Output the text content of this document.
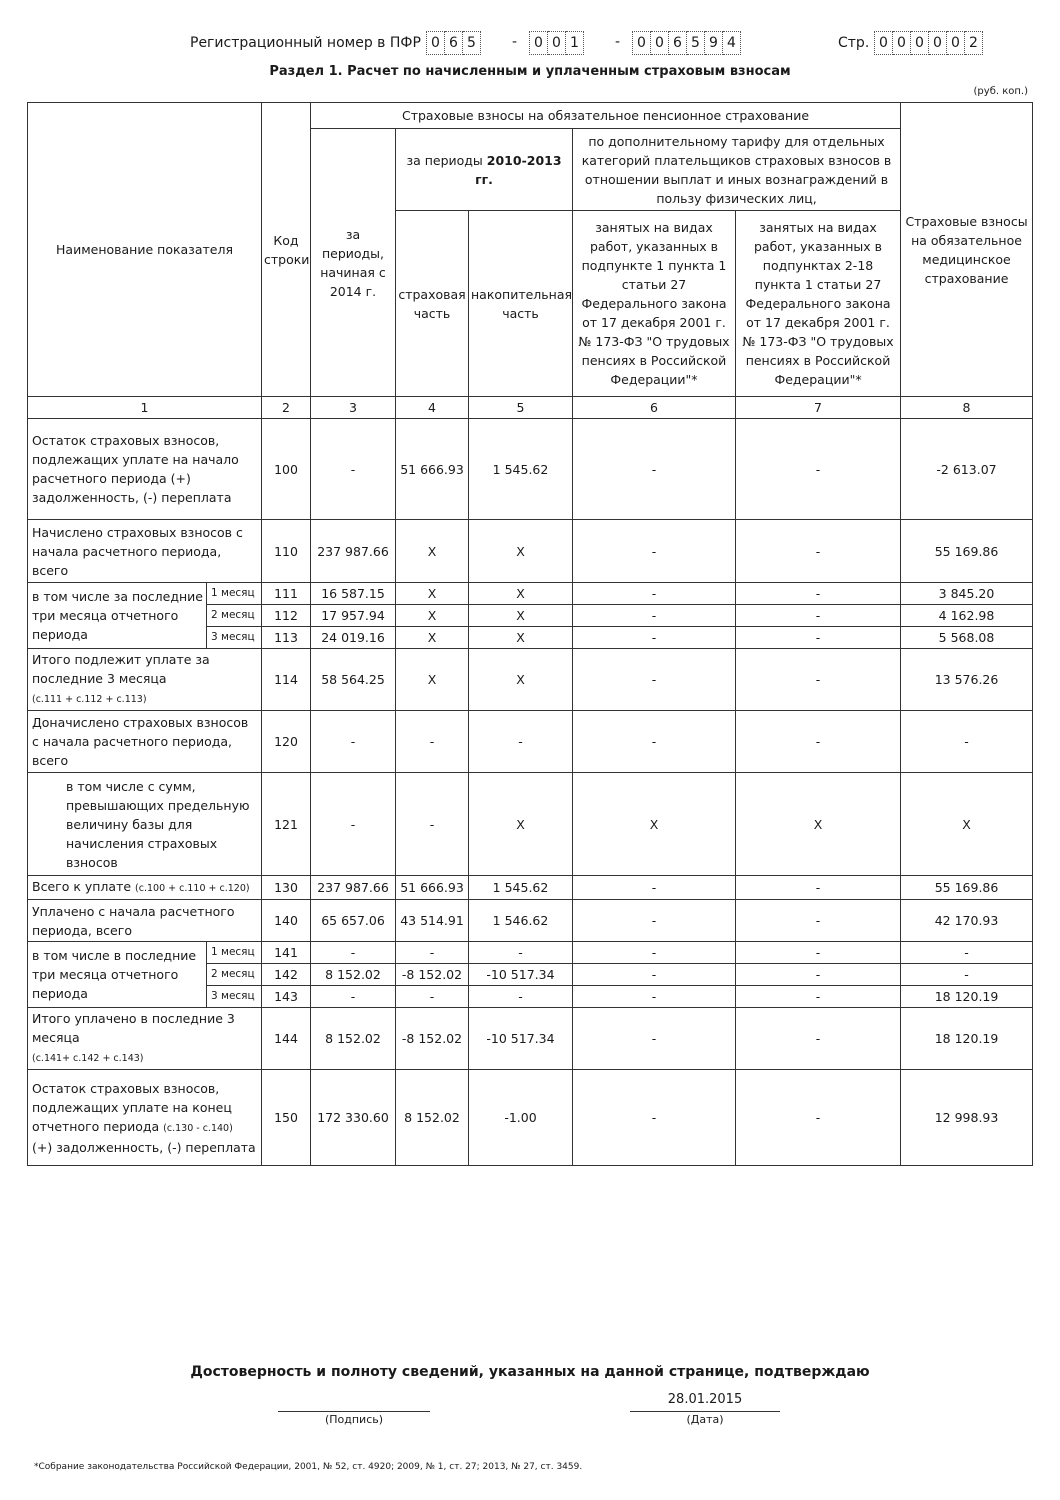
Регистрационный номер в ПФР 0 6 5	-	0 0 1	-	0 0 6 5 9 4	Стр. 0 0 0 0 0 2
Раздел 1. Расчет по начисленным и уплаченным страховым взносам
(руб. коп.)
Наименование показателя		Код строки	Страховые взносы на обязательное пенсионное страхование					Страховые взносы на обязательное медицинское страхование
			за периоды, начиная с 2014 г.	за периоды 2010-2013 гг.		по дополнительному тарифу для отдельных категорий плательщиков страховых взносов в отношении выплат и иных вознаграждений в пользу физических лиц,		
				страховая часть	накопительная часть	занятых на видах работ, указанных в подпункте 1 пункта 1 статьи 27 Федерального закона от 17 декабря 2001 г. № 173-ФЗ "О трудовых пенсиях в Российской Федерации"*	занятых на видах работ, указанных в подпунктах 2-18 пункта 1 статьи 27 Федерального закона от 17 декабря 2001 г. № 173-ФЗ "О трудовых пенсиях в Российской Федерации"*	

1		2	3	4	5	6	7	8
Остаток страховых взносов, подлежащих уплате на начало расчетного периода (+) задолженность, (-) переплата		100	-	51 666.93	1 545.62	-	-	-2 613.07
Начислено страховых взносов с начала расчетного периода, всего		110	237 987.66	X	X	-	-	55 169.86
в том числе за последние три месяца отчетного периода	1 месяц	111	16 587.15	X	X	-	-	3 845.20
	2 месяц	112	17 957.94	X	X	-	-	4 162.98
	3 месяц	113	24 019.16	X	X	-	-	5 568.08
Итого подлежит уплате за последние 3 месяца
(с.111 + с.112 + с.113)		114	58 564.25	X	X	-	-	13 576.26
Доначислено страховых взносов с начала расчетного периода, всего		120	-	-	-	-	-	-
в том числе с сумм, превышающих предельную величину базы для начисления страховых взносов		121	-	-	X	X	X	X
Всего к уплате (с.100 + с.110 + с.120)		130	237 987.66	51 666.93	1 545.62	-	-	55 169.86
Уплачено с начала расчетного периода, всего		140	65 657.06	43 514.91	1 546.62	-	-	42 170.93
в том числе в последние три месяца отчетного периода	1 месяц	141	-	-	-	-	-	-
	2 месяц	142	8 152.02	-8 152.02	-10 517.34	-	-	-
	3 месяц	143	-	-	-	-	-	18 120.19
Итого уплачено в последние 3 месяца
(с.141+ с.142 + с.143)		144	8 152.02	-8 152.02	-10 517.34	-	-	18 120.19
Остаток страховых взносов, подлежащих уплате на конец отчетного периода (с.130 - с.140)
(+) задолженность, (-) переплата		150	172 330.60	8 152.02	-1.00	-	-	12 998.93
Достоверность и полноту сведений, указанных на данной странице, подтверждаю
(Подпись)
28.01.2015
(Дата)
*Собрание законодательства Российской Федерации, 2001, № 52, ст. 4920; 2009, № 1, ст. 27; 2013, № 27, ст. 3459.
